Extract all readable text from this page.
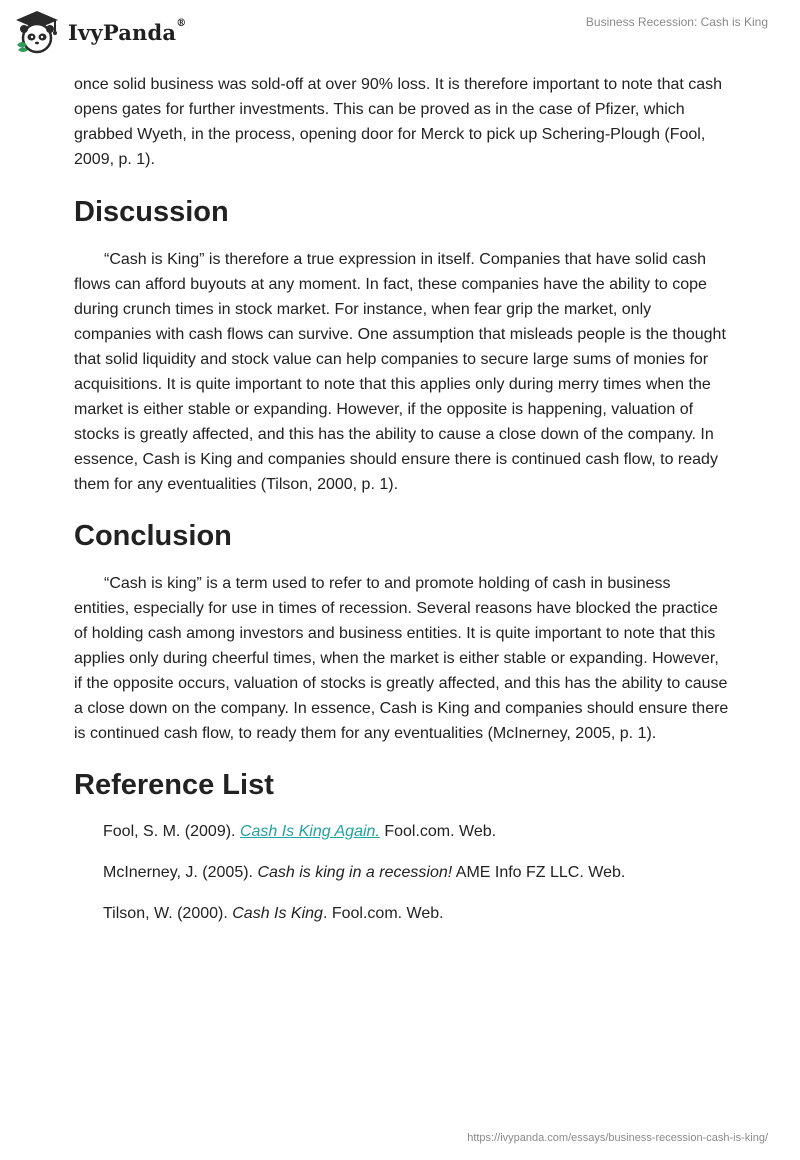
IvyPanda®	Business Recession: Cash is King

once solid business was sold-off at over 90% loss. It is therefore important to note that cash opens gates for further investments. This can be proved as in the case of Pfizer, which grabbed Wyeth, in the process, opening door for Merck to pick up Schering-Plough (Fool, 2009, p. 1).

Discussion

“Cash is King” is therefore a true expression in itself. Companies that have solid cash flows can afford buyouts at any moment. In fact, these companies have the ability to cope during crunch times in stock market. For instance, when fear grip the market, only companies with cash flows can survive. One assumption that misleads people is the thought that solid liquidity and stock value can help companies to secure large sums of monies for acquisitions. It is quite important to note that this applies only during merry times when the market is either stable or expanding. However, if the opposite is happening, valuation of stocks is greatly affected, and this has the ability to cause a close down of the company. In essence, Cash is King and companies should ensure there is continued cash flow, to ready them for any eventualities (Tilson, 2000, p. 1).

Conclusion

“Cash is king” is a term used to refer to and promote holding of cash in business entities, especially for use in times of recession. Several reasons have blocked the practice of holding cash among investors and business entities. It is quite important to note that this applies only during cheerful times, when the market is either stable or expanding. However, if the opposite occurs, valuation of stocks is greatly affected, and this has the ability to cause a close down on the company. In essence, Cash is King and companies should ensure there is continued cash flow, to ready them for any eventualities (McInerney, 2005, p. 1).

Reference List

Fool, S. M. (2009). Cash Is King Again. Fool.com. Web.

McInerney, J. (2005). Cash is king in a recession! AME Info FZ LLC. Web.

Tilson, W. (2000). Cash Is King. Fool.com. Web.

https://ivypanda.com/essays/business-recession-cash-is-king/
